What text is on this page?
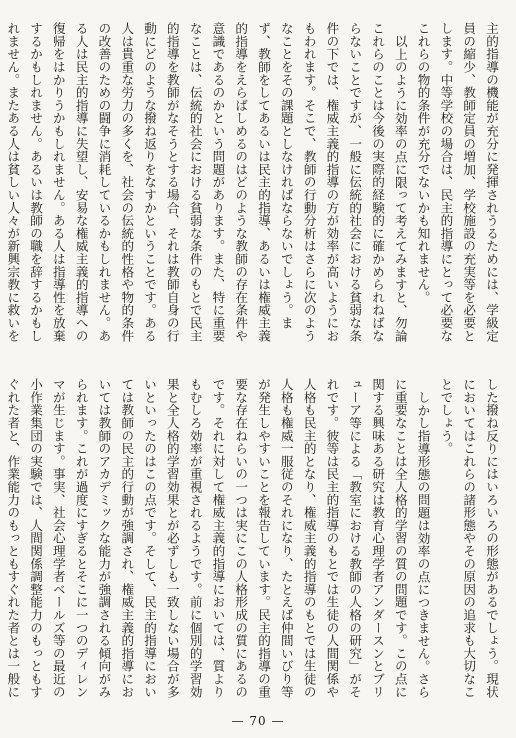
主的指導の機能が充分に発揮されうるためには、学級定員の縮少、教師定員の増加、学校施設の充実等を必要とします。中等学校の場合は、民主的指導にとって必要なこれらの物的条件が充分でないかも知れません。

以上のように効率の点に限って考えてみますと、勿論これらのことは今後の実際的経験的に確かめられねばならないことですが、一般に伝統的社会における貧弱な条件の下では、権威主義的指導の方が効率が高いようにおもわれます。そこで、教師の行動分析はさらに次のようなことをその課題としなければならないでしょう。まず、教師をしてあるいは民主的指導、あるいは権威主義的指導をえらばしめるのはどのような教師の存在条件や意識であるのかという問題があります。また、特に重要なことは、伝統的社会における貧弱な条件のもとで民主的指導を教師がなそうとする場合、それは教師自身の行動にどのような撥ね返りをなすかということです。ある人は貴重な労力の多くを、社会の伝統的性格や物的条件の改善のための闘争に消耗しているかもしれません。ある人は民主的指導に失望し、安易な権威主義的指導への復帰をはかりうかもしれません。ある人は指導性を放棄するかもしれません。あるいは教師の職を辞するかもしれません。またある人は貧しい人々が新興宗教に救いを

した撥ね反りにはいろいろの形態があるでしょう。現状においてはこれらの諸形態やその原因の追求も大切なことでしょう。

しかし指導形態の問題は効率の点につきません。さらに重要なことは全人格的学習の質の問題です。この点に関する興味ある研究は教育心理学者アンダースンとブリューア等による「教室における教師の人格の研究」がそれです。彼等は民主的指導のもとでは生徒の人間関係や人格も民主的となり、権威主義的指導のもとでは生徒の人格も権威一服従のそれになり、たとえば仲間いびり等が発生しやすいことを報告しています。民主的指導の重要な存在ねらいの一つは実にこの人格形成の質にあるのです。それに対して権威主義的指導においては、質よりもむしろ効率が重視されるようです。前に個別的学習効果と全人格的学習効果とが必ずしも一致しない場合が多いといったのはこの点です。そして、民主的指導においては教師の民主的行動が強調され、権威主義的指導においては教師のアカデミックな能力が強調される傾向がみられます。これが過度にすぎるとそこに一つのディレンマが生じます。事実、社会心理学者ベールズ等の最近の小作業集団の実験では、人間関係調整能力のもっともすぐれた者と、作業能力のもっともすぐれた者とは一般に

— 70 —
